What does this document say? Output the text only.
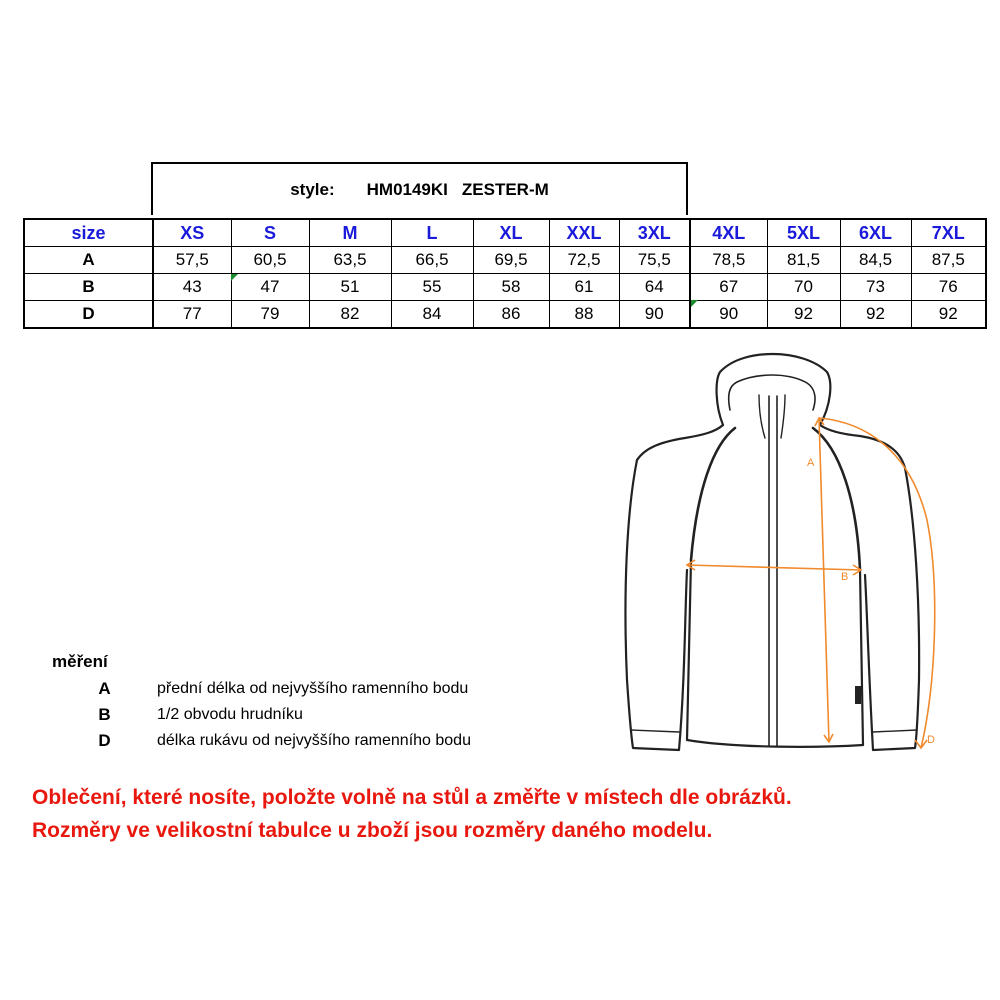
style: HM0149KI ZESTER-M
size	XS	S	M	L	XL	XXL	3XL	4XL	5XL	6XL	7XL
A	57,5	60,5	63,5	66,5	69,5	72,5	75,5	78,5	81,5	84,5	87,5
B	43	47	51	55	58	61	64	67	70	73	76
D	77	79	82	84	86	88	90	90	92	92	92
A
B
D
měření
A	přední délka od nejvyššího ramenního bodu
B	1/2 obvodu hrudníku
D	délka rukávu od nejvyššího ramenního bodu
Oblečení, které nosíte, položte volně na stůl a změřte v místech dle obrázků.
Rozměry ve velikostní tabulce u zboží jsou rozměry daného modelu.
